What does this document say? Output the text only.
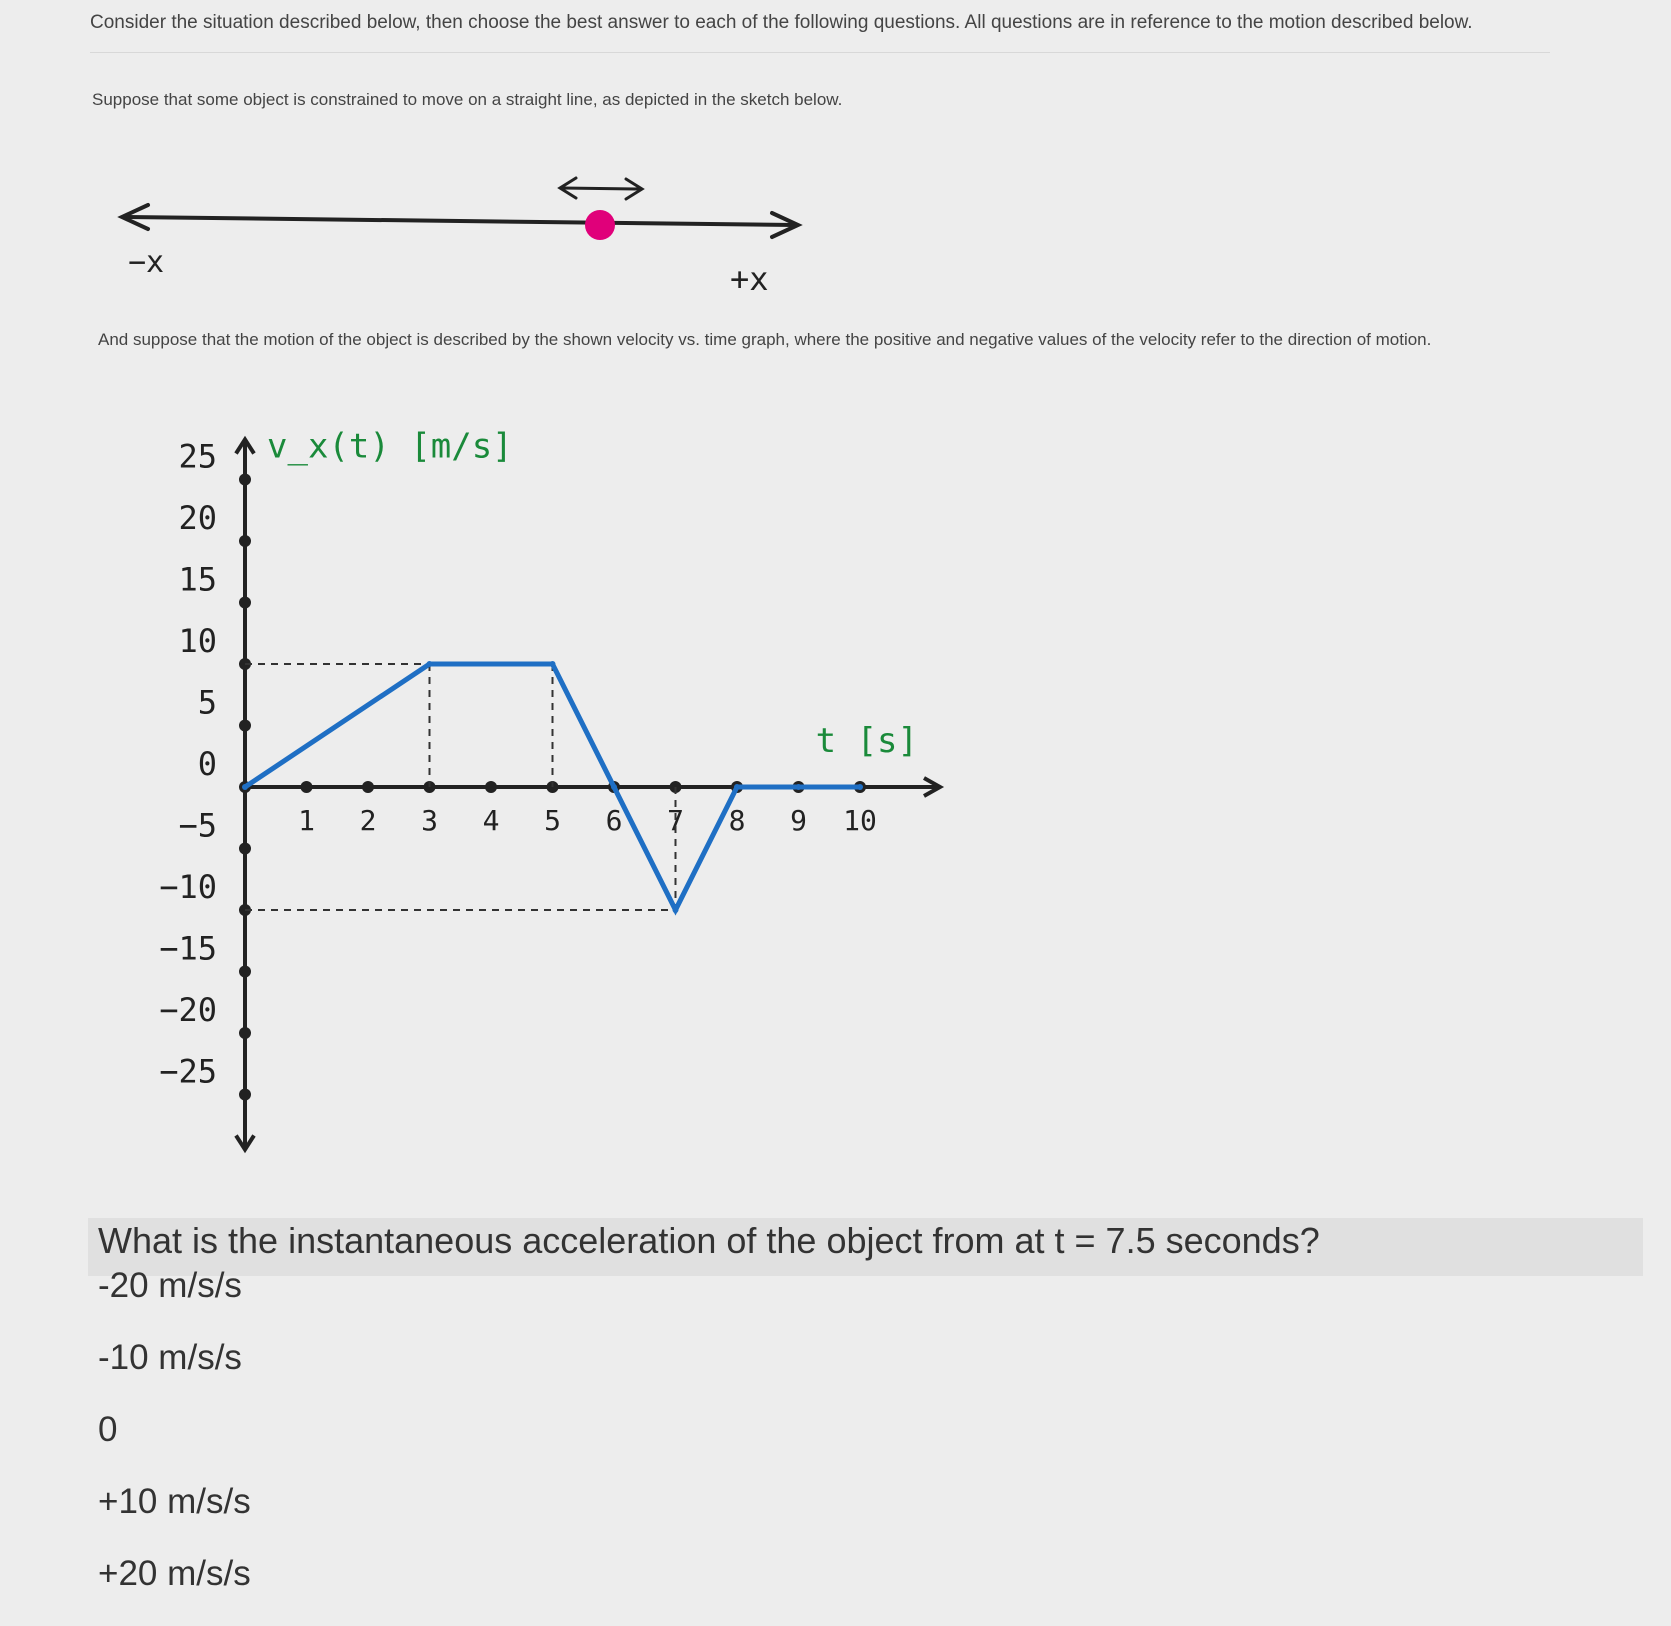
Consider the situation described below, then choose the best answer to each of the following questions. All questions are in reference to the motion described below.
Suppose that some object is constrained to move on a straight line, as depicted in the sketch below.
−x	+x
25
20
15
10
5
0
−5
−10
−15
−20
−25
1 2 3 4 5 6 7 8 9 10
v_x(t) [m/s]
t [s]
And suppose that the motion of the object is described by the shown velocity vs. time graph, where the positive and negative values of the velocity refer to the direction of motion.
What is the instantaneous acceleration of the object from at t = 7.5 seconds?
-20 m/s/s
-10 m/s/s
0
+10 m/s/s
+20 m/s/s
